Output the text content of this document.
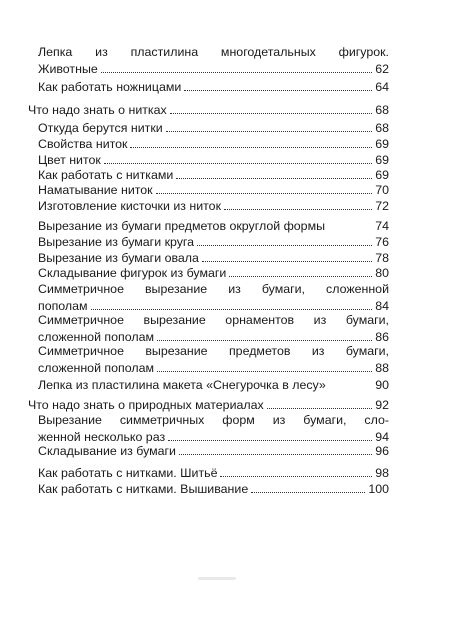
Лепка из пластилина многодетальных фигурок.
Животные	62
Как работать ножницами	64
Что надо знать о нитках	68
Откуда берутся нитки	68
Свойства ниток	69
Цвет ниток	69
Как работать с нитками	69
Наматывание ниток	70
Изготовление кисточки из ниток	72
Вырезание из бумаги предметов округлой формы	74
Вырезание из бумаги круга	76
Вырезание из бумаги овала	78
Складывание фигурок из бумаги	80
Симметричное вырезание из бумаги, сложенной
пополам	84
Симметричное вырезание орнаментов из бумаги,
сложенной пополам	86
Симметричное вырезание предметов из бумаги,
сложенной пополам	88
Лепка из пластилина макета «Снегурочка в лесу»	90
Что надо знать о природных материалах	92
Вырезание симметричных форм из бумаги, сло-
женной несколько раз	94
Складывание из бумаги	96
Как работать с нитками. Шитьё	98
Как работать с нитками. Вышивание	100
